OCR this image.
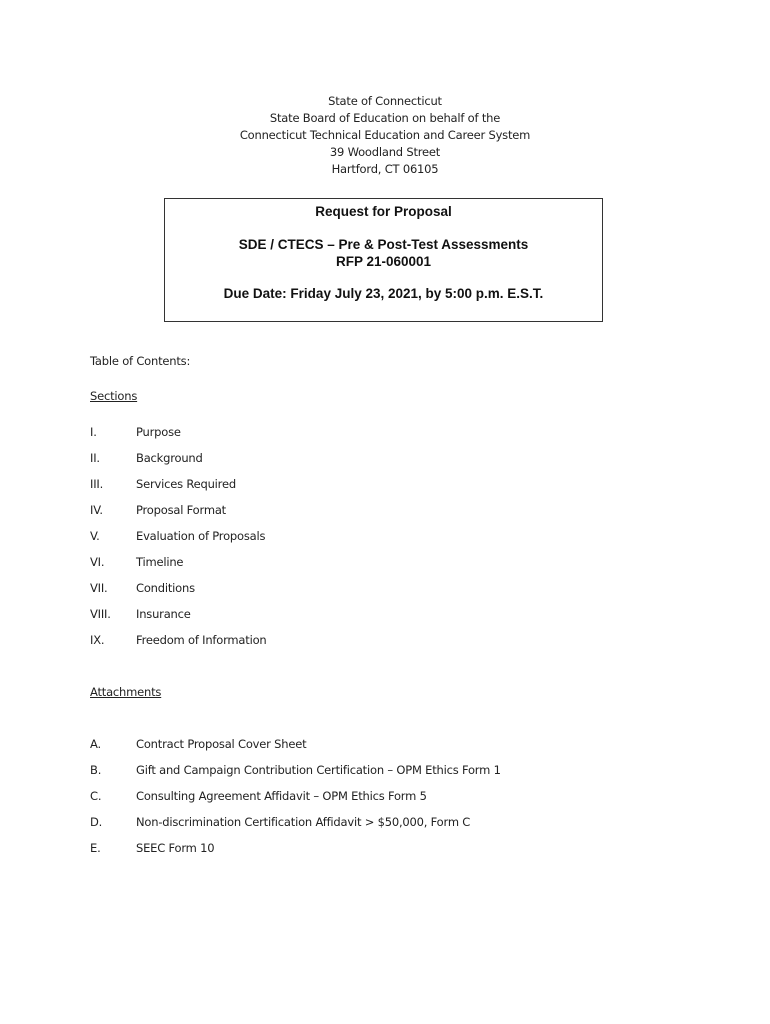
State of Connecticut
State Board of Education on behalf of the
Connecticut Technical Education and Career System
39 Woodland Street
Hartford, CT 06105
Request for Proposal
SDE / CTECS – Pre & Post-Test Assessments
RFP 21-060001
Due Date: Friday July 23, 2021, by 5:00 p.m. E.S.T.
Table of Contents:
Sections
I.	Purpose
II.	Background
III.	Services Required
IV.	Proposal Format
V.	Evaluation of Proposals
VI.	Timeline
VII.	Conditions
VIII.	Insurance
IX.	Freedom of Information
Attachments
A.	Contract Proposal Cover Sheet
B.	Gift and Campaign Contribution Certification – OPM Ethics Form 1
C.	Consulting Agreement Affidavit – OPM Ethics Form 5
D.	Non-discrimination Certification Affidavit > $50,000, Form C
E.	SEEC Form 10
